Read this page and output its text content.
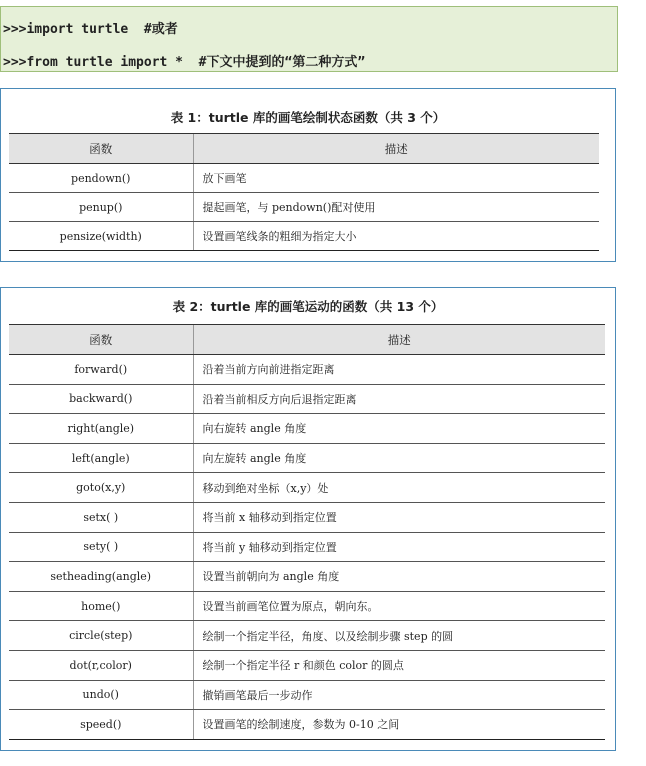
>>>import turtle  #或者
>>>from turtle import *  #下文中提到的“第二种方式”
表 1：turtle 库的画笔绘制状态函数（共 3 个）
函数	描述
pendown()	放下画笔
penup()	提起画笔，与 pendown()配对使用
pensize(width)	设置画笔线条的粗细为指定大小
表 2：turtle 库的画笔运动的函数（共 13 个）
函数	描述
forward()	沿着当前方向前进指定距离
backward()	沿着当前相反方向后退指定距离
right(angle)	向右旋转 angle 角度
left(angle)	向左旋转 angle 角度
goto(x,y)	移动到绝对坐标（x,y）处
setx( )	将当前 x 轴移动到指定位置
sety( )	将当前 y 轴移动到指定位置
setheading(angle)	设置当前朝向为 angle 角度
home()	设置当前画笔位置为原点，朝向东。
circle(step)	绘制一个指定半径，角度、以及绘制步骤 step 的圆
dot(r,color)	绘制一个指定半径 r 和颜色 color 的圆点
undo()	撤销画笔最后一步动作
speed()	设置画笔的绘制速度，参数为 0-10 之间
